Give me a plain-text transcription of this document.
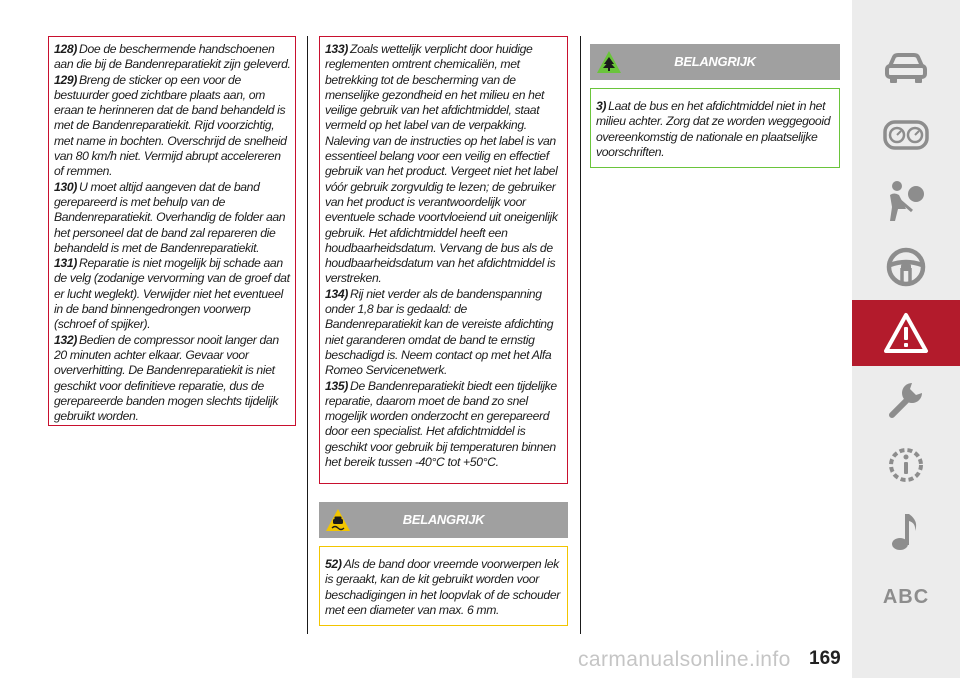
128) Doe de beschermende handschoenen aan die bij de Bandenreparatiekit zijn geleverd.
129) Breng de sticker op een voor de bestuurder goed zichtbare plaats aan, om eraan te herinneren dat de band behandeld is met de Bandenreparatiekit. Rijd voorzichtig, met name in bochten. Overschrijd de snelheid van 80 km/h niet. Vermijd abrupt accelereren of remmen.
130) U moet altijd aangeven dat de band gerepareerd is met behulp van de Bandenreparatiekit. Overhandig de folder aan het personeel dat de band zal repareren die behandeld is met de Bandenreparatiekit.
131) Reparatie is niet mogelijk bij schade aan de velg (zodanige vervorming van de groef dat er lucht weglekt). Verwijder niet het eventueel in de band binnengedrongen voorwerp (schroef of spijker).
132) Bedien de compressor nooit langer dan 20 minuten achter elkaar. Gevaar voor oververhitting. De Bandenreparatiekit is niet geschikt voor definitieve reparatie, dus de gerepareerde banden mogen slechts tijdelijk gebruikt worden.
133) Zoals wettelijk verplicht door huidige reglementen omtrent chemicaliën, met betrekking tot de bescherming van de menselijke gezondheid en het milieu en het veilige gebruik van het afdichtmiddel, staat vermeld op het label van de verpakking. Naleving van de instructies op het label is van essentieel belang voor een veilig en effectief gebruik van het product. Vergeet niet het label vóór gebruik zorgvuldig te lezen; de gebruiker van het product is verantwoordelijk voor eventuele schade voortvloeiend uit oneigenlijk gebruik. Het afdichtmiddel heeft een houdbaarheidsdatum. Vervang de bus als de houdbaarheidsdatum van het afdichtmiddel is verstreken.
134) Rij niet verder als de bandenspanning onder 1,8 bar is gedaald: de Bandenreparatiekit kan de vereiste afdichting niet garanderen omdat de band te ernstig beschadigd is. Neem contact op met het Alfa Romeo Servicenetwerk.
135) De Bandenreparatiekit biedt een tijdelijke reparatie, daarom moet de band zo snel mogelijk worden onderzocht en gerepareerd door een specialist. Het afdichtmiddel is geschikt voor gebruik bij temperaturen binnen het bereik tussen -40°C tot +50°C.
BELANGRIJK
52) Als de band door vreemde voorwerpen lek is geraakt, kan de kit gebruikt worden voor beschadigingen in het loopvlak of de schouder met een diameter van max. 6 mm.
BELANGRIJK
3) Laat de bus en het afdichtmiddel niet in het milieu achter. Zorg dat ze worden weggegooid overeenkomstig de nationale en plaatselijke voorschriften.
ABC
169
carmanualsonline.info
